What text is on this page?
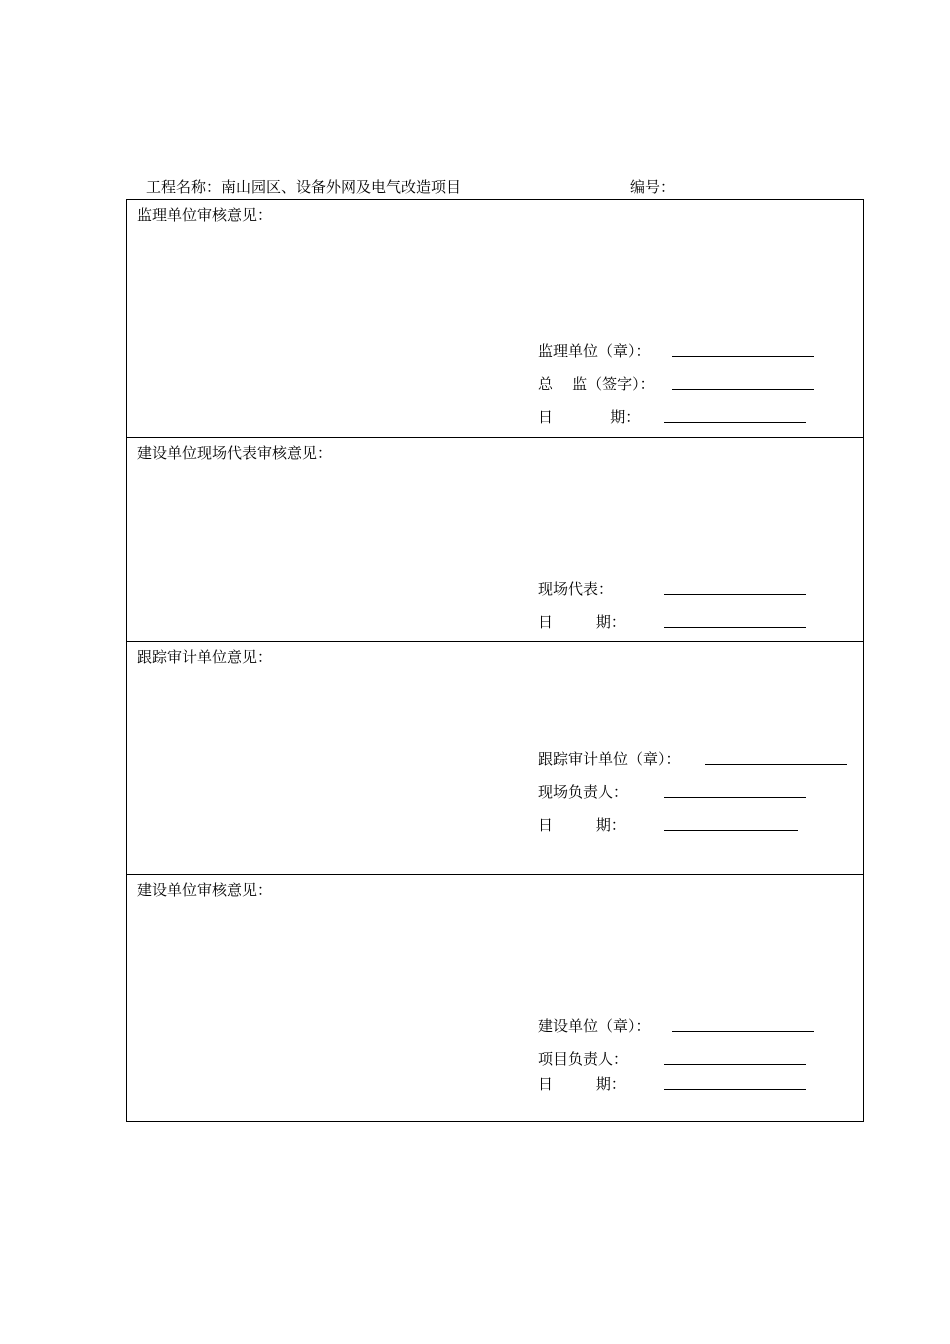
工程名称：南山园区、设备外网及电气改造项目	编号：
监理单位审核意见：
监理单位（章）：
总    监（签字）：
日            期：
建设单位现场代表审核意见：
现场代表：
日         期：
跟踪审计单位意见：
跟踪审计单位（章）：
现场负责人：
日         期：
建设单位审核意见：
建设单位（章）：
项目负责人：
日         期：
